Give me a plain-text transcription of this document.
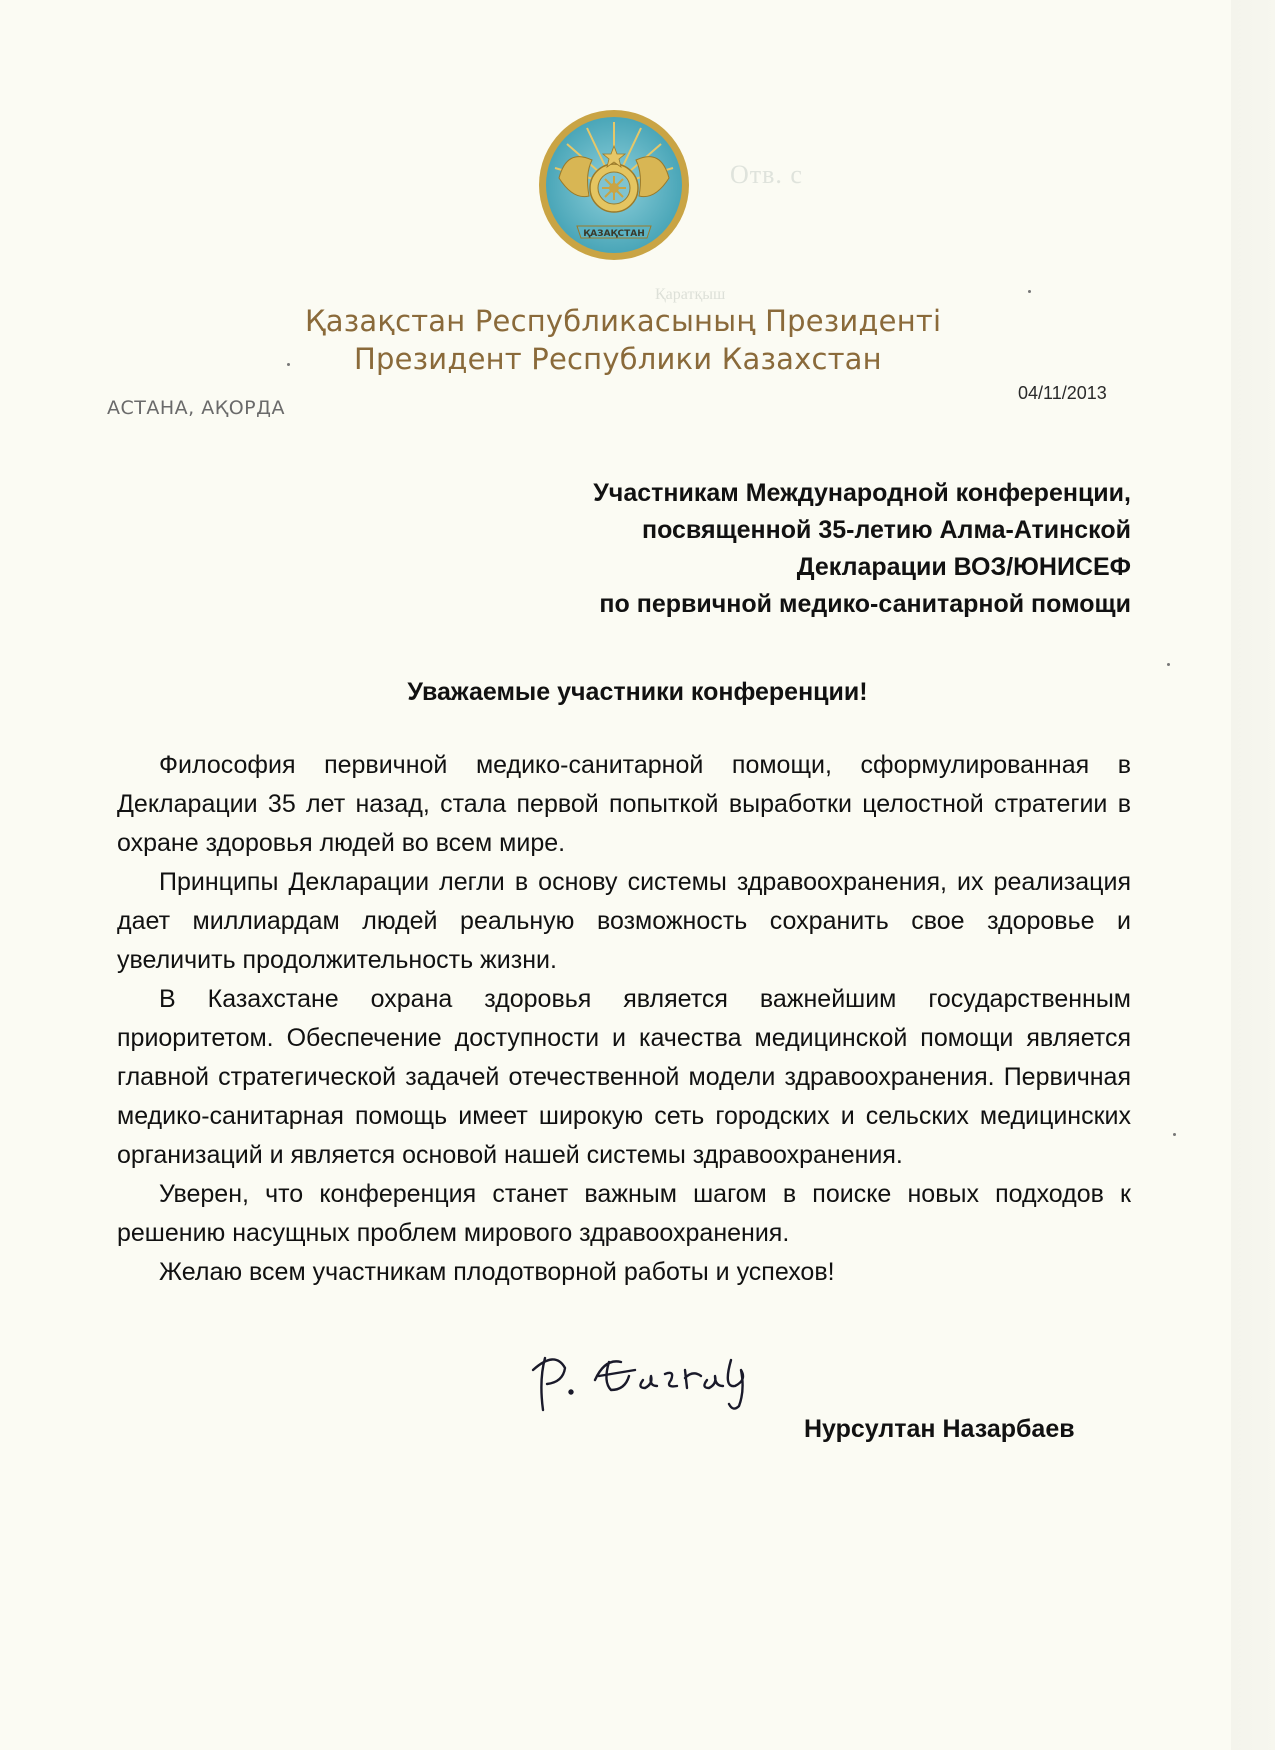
ҚАЗАҚСТАН
Отв. с
Қаратқыш
Қазақстан Республикасының Президенті
Президент Республики Казахстан
АСТАНА, АҚОРДА
04/11/2013
Участникам Международной конференции,
посвященной 35-летию Алма-Атинской
Декларации ВОЗ/ЮНИСЕФ
по первичной медико-санитарной помощи
Уважаемые участники конференции!

Философия первичной медико-санитарной помощи, сформулированная в Декларации 35 лет назад, стала первой попыткой выработки целостной стратегии в охране здоровья людей во всем мире.

Принципы Декларации легли в основу системы здравоохранения, их реализация дает миллиардам людей реальную возможность сохранить свое здоровье и увеличить продолжительность жизни.

В Казахстане охрана здоровья является важнейшим государственным приоритетом. Обеспечение доступности и качества медицинской помощи является главной стратегической задачей отечественной модели здравоохранения. Первичная медико-санитарная помощь имеет широкую сеть городских и сельских медицинских организаций и является основой нашей системы здравоохранения.

Уверен, что конференция станет важным шагом в поиске новых подходов к решению насущных проблем мирового здравоохранения.

Желаю всем участникам плодотворной работы и успехов!

Нурсултан Назарбаев
